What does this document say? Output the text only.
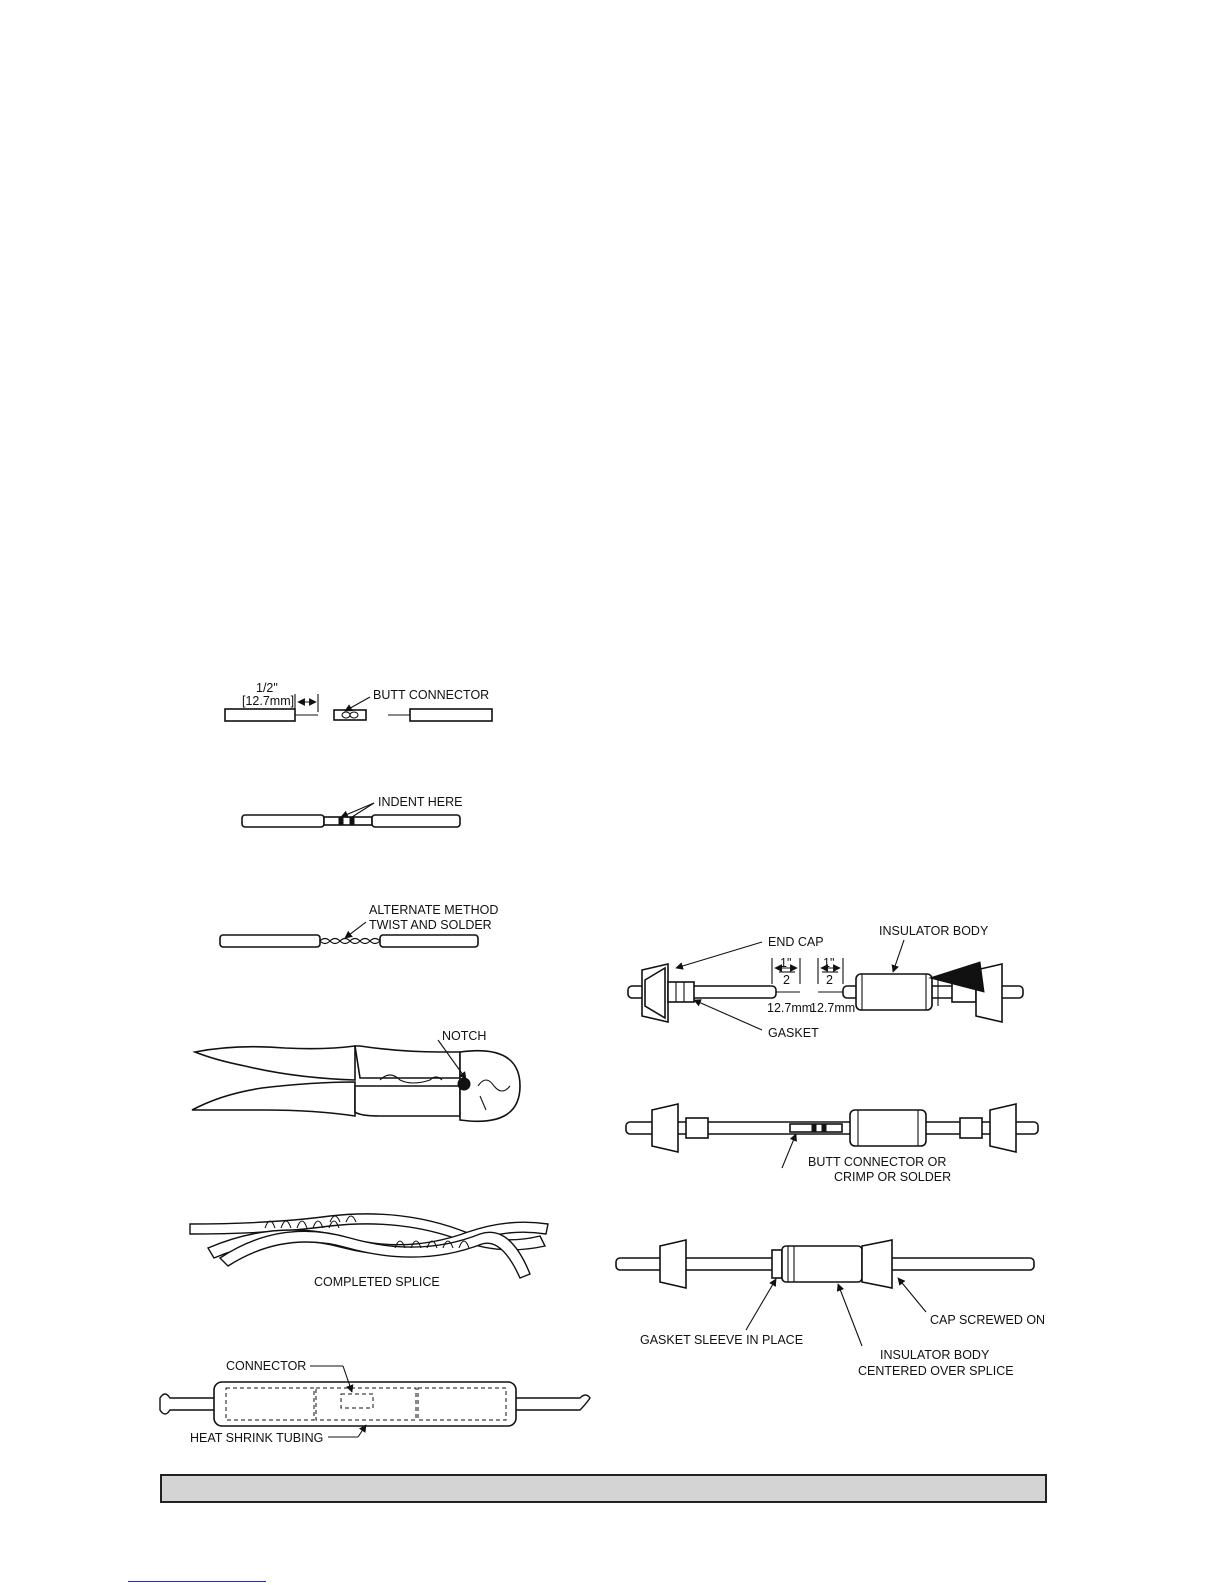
1/2"
[12.7mm]	BUTT CONNECTOR
INDENT HERE
ALTERNATE METHOD
TWIST AND SOLDER
NOTCH
COMPLETED SPLICE
CONNECTOR
HEAT SHRINK TUBING
1"
2
12.7mm
1"
2
12.7mm
END CAP
INSULATOR BODY
GASKET
BUTT CONNECTOR OR
CRIMP OR SOLDER
GASKET SLEEVE IN PLACE
INSULATOR BODY
CENTERED OVER SPLICE
CAP SCREWED ON
